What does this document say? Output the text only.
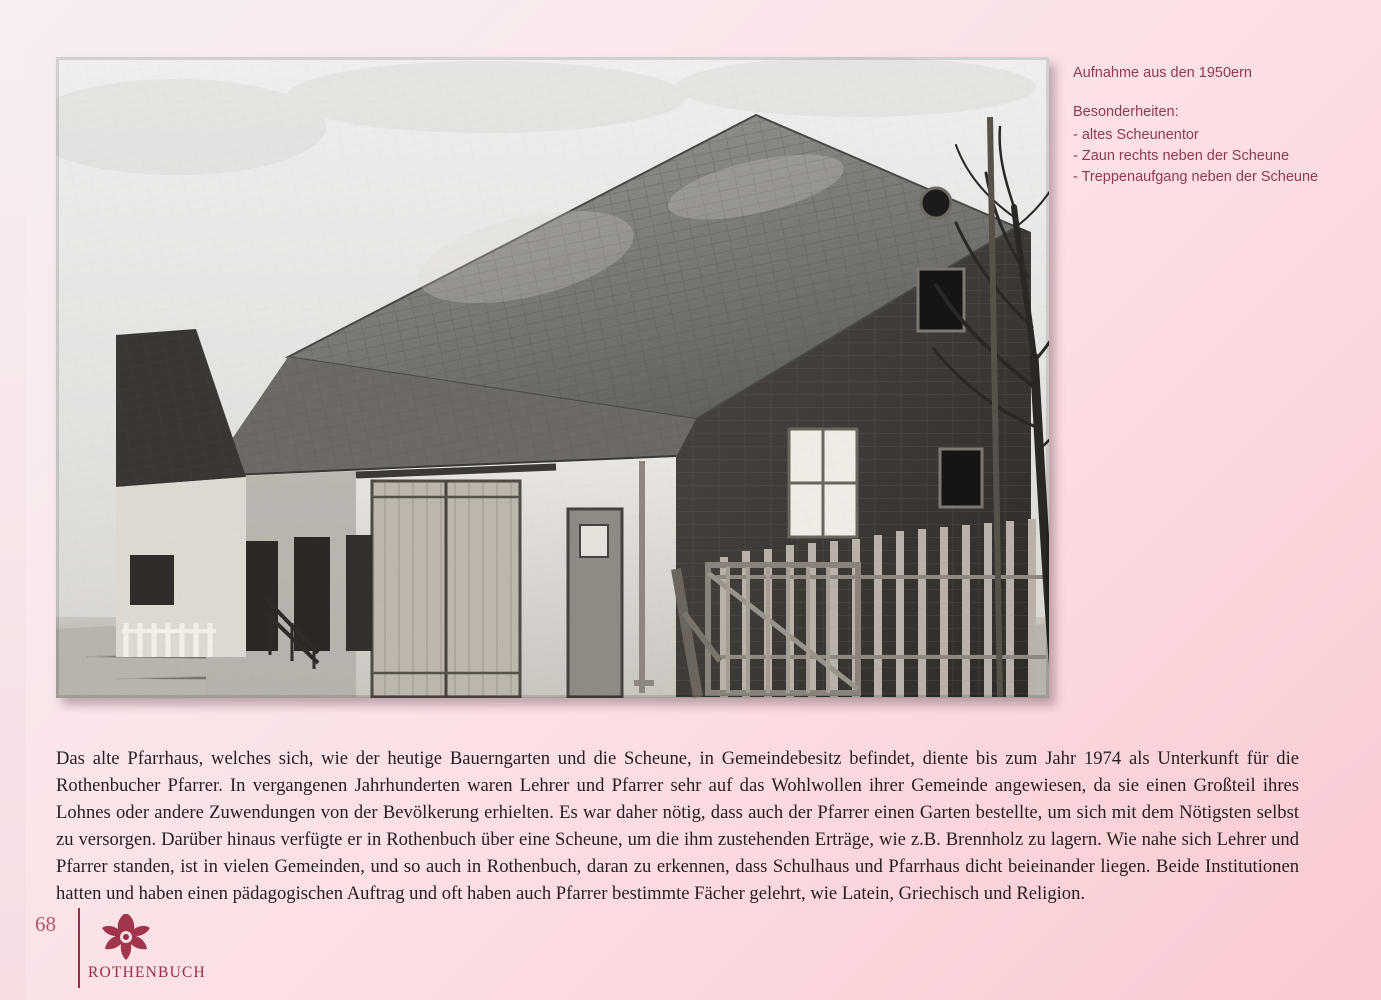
Aufnahme aus den 1950ern

Besonderheiten:

- altes Scheunentor
- Zaun rechts neben der Scheune
- Treppenaufgang neben der Scheune
Das alte Pfarrhaus, welches sich, wie der heutige Bauerngarten und die Scheune, in Gemeindebesitz befindet, diente bis zum Jahr 1974 als Unterkunft für die Rothenbucher Pfarrer. In vergangenen Jahrhunderten waren Lehrer und Pfarrer sehr auf das Wohlwollen ihrer Gemeinde angewiesen, da sie einen Großteil ihres Lohnes oder andere Zuwendungen von der Bevölkerung erhielten. Es war daher nötig, dass auch der Pfarrer einen Garten bestellte, um sich mit dem Nötigsten selbst zu versorgen. Darüber hinaus verfügte er in Rothenbuch über eine Scheune, um die ihm zustehenden Erträge, wie z.B. Brennholz zu lagern. Wie nahe sich Lehrer und Pfarrer standen, ist in vielen Gemeinden, und so auch in Rothenbuch, daran zu erkennen, dass Schulhaus und Pfarrhaus dicht beieinander liegen. Beide Institutionen hatten und haben einen pädagogischen Auftrag und oft haben auch Pfarrer bestimmte Fächer gelehrt, wie Latein, Griechisch und Religion.
68
ROTHENBUCH
